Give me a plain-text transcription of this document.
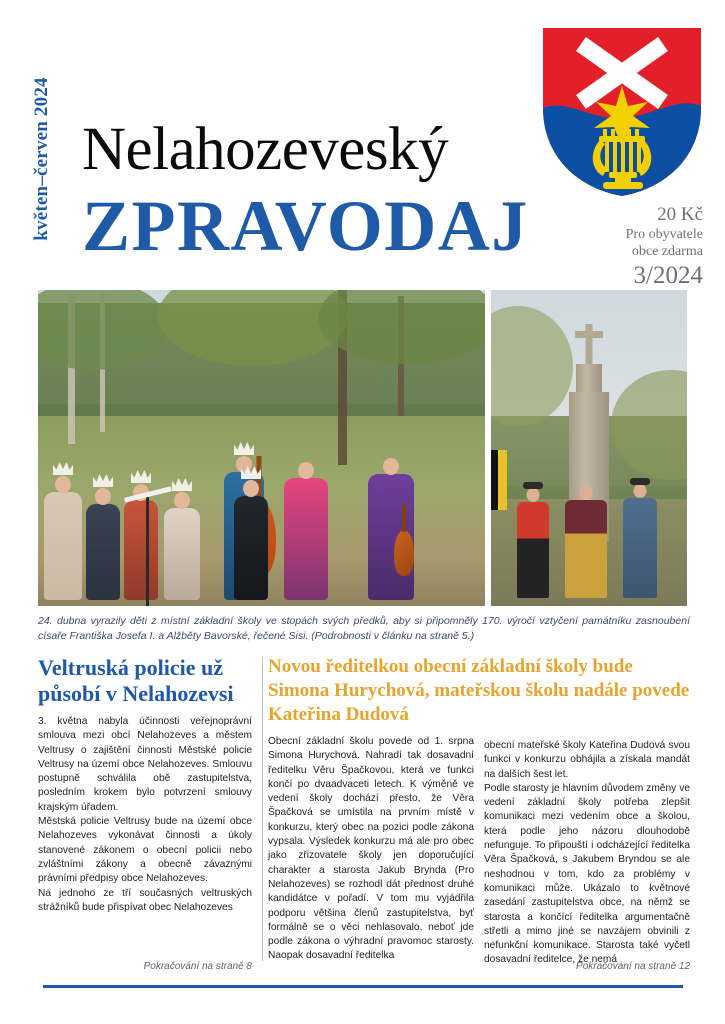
květen–červen 2024 Nelahozeveský
ZPRAVODAJ	20 Kč
Pro obyvatele
obce zdarma
3/2024
24. dubna vyrazily děti z místní základní školy ve stopách svých předků, aby si připomněly 170. výročí vztyčení památníku zasnoubení císaře Františka Josefa I. a Alžběty Bavorské, řečené Sisi. (Podrobnosti v článku na straně 5.)
Veltruská policie už působí v Nelahozevsi

3. května nabyla účinnosti veřejnoprávní smlouva mezi obcí Nelahozeves a městem Veltrusy o zajištění činnosti Městské policie Veltrusy na území obce Nelahozeves. Smlouvu postupně schválila obě zastupitelstva, posledním krokem bylo potvrzení smlouvy krajským úřadem.

Městská policie Veltrusy bude na území obce Nelahozeves vykonávat činnosti a úkoly stanovené zákonem o obecní policii nebo zvláštními zákony a obecně závaznými právními předpisy obce Nelahozeves.

Na jednoho ze tří současných veltruských strážníků bude přispívat obec Nelahozeves

Novou ředitelkou obecní základní školy bude Simona Hurychová, mateřskou školu nadále povede Kateřina Dudová

Obecní základní školu povede od 1. srpna Simona Hurychová. Nahradí tak dosavadní ředitelku Věru Špačkovou, která ve funkci končí po dvaadvaceti letech. K výměně ve vedení školy dochází přesto, že Věra Špačková se umístila na prvním místě v konkurzu, který obec na pozici podle zákona vypsala. Výsledek konkurzu má ale pro obec jako zřizovatele školy jen doporučující charakter a starosta Jakub Brynda (Pro Nelahozeves) se rozhodl dát přednost druhé kandidátce v pořadí. V tom mu vyjádřila podporu většina členů zastupitelstva, byť formálně se o věci nehlasovalo, neboť jde podle zákona o výhradní pravomoc starosty. Naopak dosavadní ředitelka

obecní mateřské školy Kateřina Dudová svou funkci v konkurzu obhájila a získala mandát na dalších šest let.

Podle starosty je hlavním důvodem změny ve vedení základní školy potřeba zlepšit komunikaci mezi vedením obce a školou, která podle jeho názoru dlouhodobě nefunguje. To připouští i odcházející ředitelka Věra Špačková, s Jakubem Bryndou se ale neshodnou v tom, kdo za problémy v komunikaci může. Ukázalo to květnové zasedání zastupitelstva obce, na němž se starosta a končící ředitelka argumentačně střetli a mimo jiné se navzájem obvinili z nefunkční komunikace. Starosta také vyčetl dosavadní ředitelce, že nemá

Pokračování na straně 8	Pokračování na straně 12
